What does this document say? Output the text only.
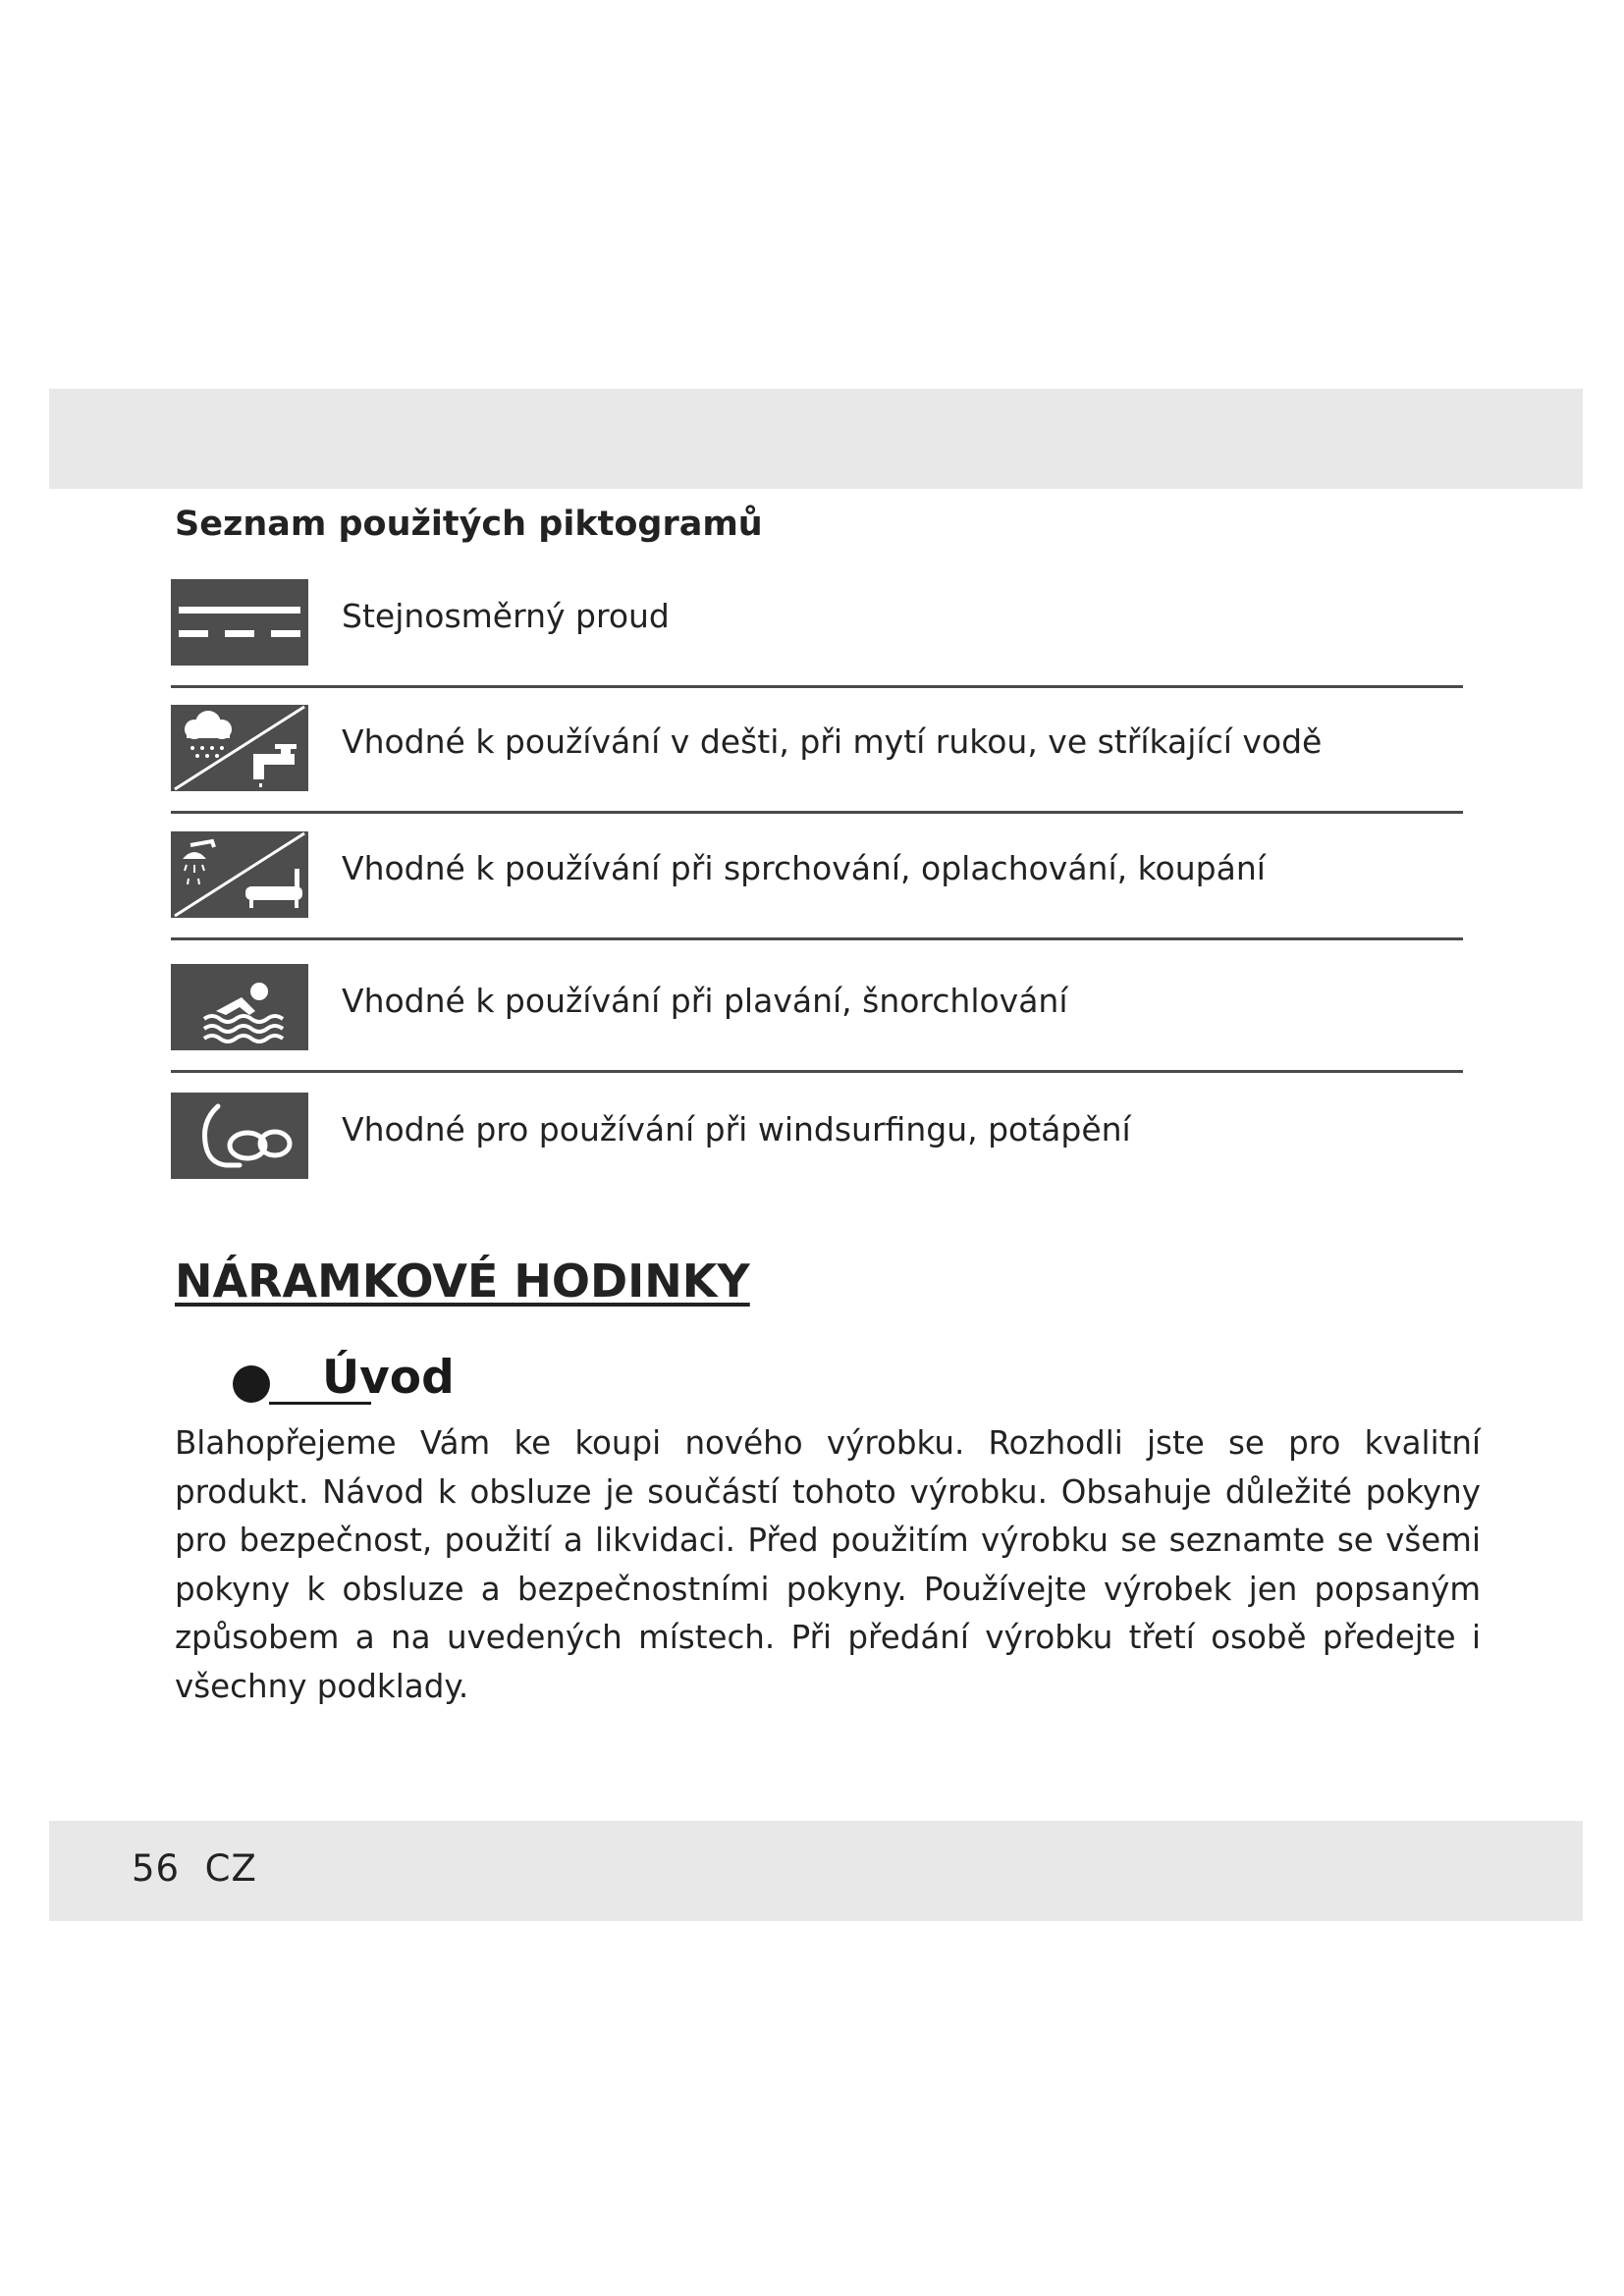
Seznam použitých piktogramů
Stejnosměrný proud
Vhodné k používání v dešti, při mytí rukou, ve stříkající vodě
Vhodné k používání při sprchování, oplachování, koupání
Vhodné k používání při plavání, šnorchlování
Vhodné pro používání při windsurfingu, potápění
NÁRAMKOVÉ HODINKY
Úvod

Blahopřejeme Vám ke koupi nového výrobku. Rozhodli jste se pro kvalitní produkt. Návod k obsluze je součástí tohoto výrobku. Obsahuje důležité pokyny pro bezpečnost, použití a likvidaci. Před použitím výrobku se seznamte se všemi pokyny k obsluze a bezpečnostními pokyny. Používejte výrobek jen popsaným způsobem a na uvedených místech. Při předání výrobku třetí osobě předejte i všechny podklady.

56 CZ
